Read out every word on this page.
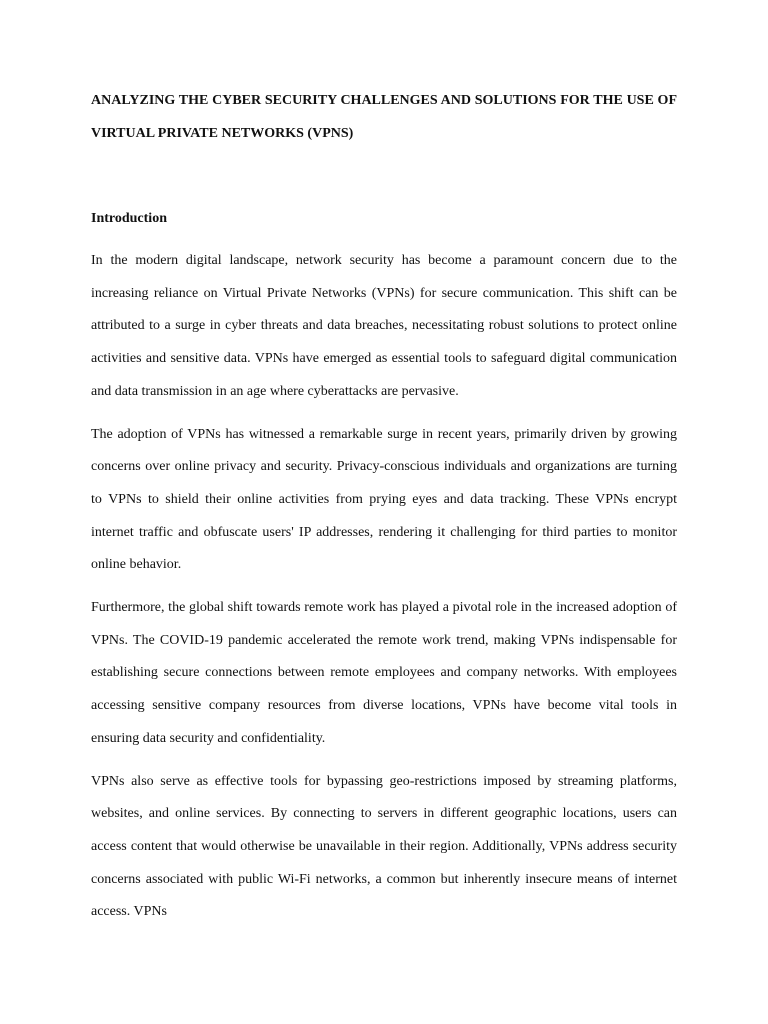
ANALYZING THE CYBER SECURITY CHALLENGES AND SOLUTIONS FOR THE USE OF VIRTUAL PRIVATE NETWORKS (VPNS)
Introduction

In the modern digital landscape, network security has become a paramount concern due to the increasing reliance on Virtual Private Networks (VPNs) for secure communication. This shift can be attributed to a surge in cyber threats and data breaches, necessitating robust solutions to protect online activities and sensitive data. VPNs have emerged as essential tools to safeguard digital communication and data transmission in an age where cyberattacks are pervasive.

The adoption of VPNs has witnessed a remarkable surge in recent years, primarily driven by growing concerns over online privacy and security. Privacy-conscious individuals and organizations are turning to VPNs to shield their online activities from prying eyes and data tracking. These VPNs encrypt internet traffic and obfuscate users' IP addresses, rendering it challenging for third parties to monitor online behavior.

Furthermore, the global shift towards remote work has played a pivotal role in the increased adoption of VPNs. The COVID-19 pandemic accelerated the remote work trend, making VPNs indispensable for establishing secure connections between remote employees and company networks. With employees accessing sensitive company resources from diverse locations, VPNs have become vital tools in ensuring data security and confidentiality.

VPNs also serve as effective tools for bypassing geo-restrictions imposed by streaming platforms, websites, and online services. By connecting to servers in different geographic locations, users can access content that would otherwise be unavailable in their region. Additionally, VPNs address security concerns associated with public Wi-Fi networks, a common but inherently insecure means of internet access. VPNs
